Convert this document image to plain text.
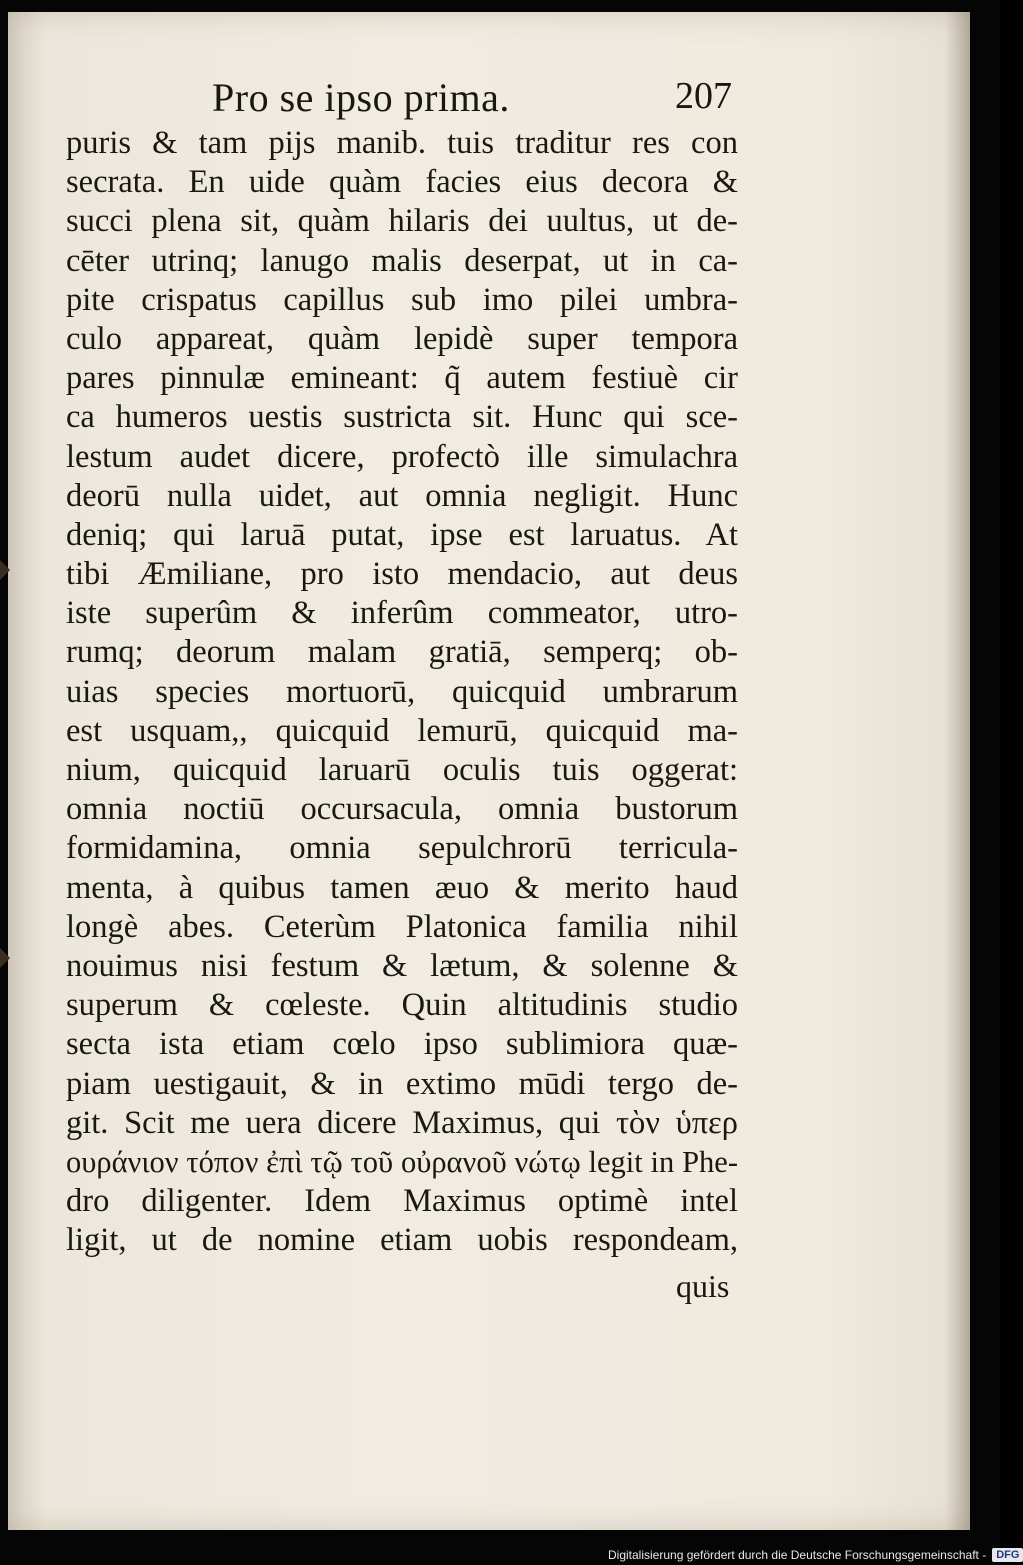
Pro se ipso prima.	207
puris & tam pijs manib. tuis traditur res con
secrata. En uide quàm facies eius decora &
succi plena sit, quàm hilaris dei uultus, ut de-
cēter utrinq; lanugo malis deserpat, ut in ca-
pite crispatus capillus sub imo pilei umbra-
culo appareat, quàm lepidè super tempora
pares pinnulæ emineant: q̃ autem festiuè cir
ca humeros uestis sustricta sit. Hunc qui sce-
lestum audet dicere, profectò ille simulachra
deorū nulla uidet, aut omnia negligit. Hunc
deniq; qui laruā putat, ipse est laruatus. At
tibi Æmiliane, pro isto mendacio, aut deus
iste superûm & inferûm commeator, utro-
rumq; deorum malam gratiā, semperq; ob-
uias species mortuorū, quicquid umbrarum
est usquam,, quicquid lemurū, quicquid ma-
nium, quicquid laruarū oculis tuis oggerat:
omnia noctiū occursacula, omnia bustorum
formidamina, omnia sepulchrorū terricula-
menta, à quibus tamen æuo & merito haud
longè abes. Ceterùm Platonica familia nihil
nouimus nisi festum & lætum, & solenne &
superum & cœleste. Quin altitudinis studio
secta ista etiam cœlo ipso sublimiora quæ-
piam uestigauit, & in extimo mūdi tergo de-
git. Scit me uera dicere Maximus, qui τὸν ὑπερ
ουράνιον τόπον ἐπὶ τῷ τοῦ οὐρανοῦ νώτῳ legit in Phe-
dro diligenter. Idem Maximus optimè intel
ligit, ut de nomine etiam uobis respondeam,
quis
Digitalisierung gefördert durch die Deutsche Forschungsgemeinschaft - DFG
